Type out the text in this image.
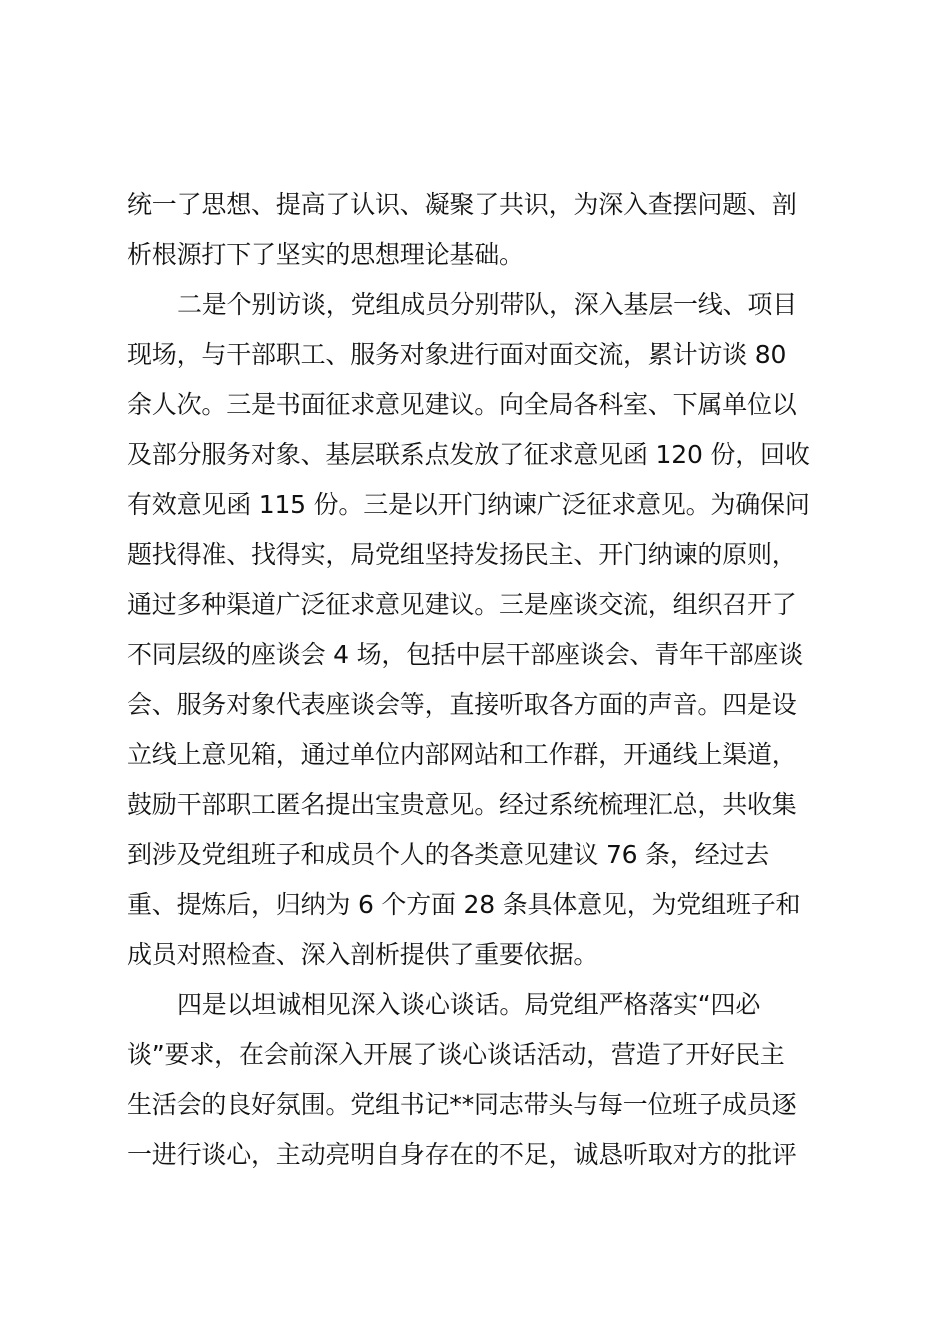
统一了思想、提高了认识、凝聚了共识，为深入查摆问题、剖
析根源打下了坚实的思想理论基础。
二是个别访谈，党组成员分别带队，深入基层一线、项目
现场，与干部职工、服务对象进行面对面交流，累计访谈 80
余人次。三是书面征求意见建议。向全局各科室、下属单位以
及部分服务对象、基层联系点发放了征求意见函 120 份，回收
有效意见函 115 份。三是以开门纳谏广泛征求意见。为确保问
题找得准、找得实，局党组坚持发扬民主、开门纳谏的原则，
通过多种渠道广泛征求意见建议。三是座谈交流，组织召开了
不同层级的座谈会 4 场，包括中层干部座谈会、青年干部座谈
会、服务对象代表座谈会等，直接听取各方面的声音。四是设
立线上意见箱，通过单位内部网站和工作群，开通线上渠道，
鼓励干部职工匿名提出宝贵意见。经过系统梳理汇总，共收集
到涉及党组班子和成员个人的各类意见建议 76 条，经过去
重、提炼后，归纳为 6 个方面 28 条具体意见，为党组班子和
成员对照检查、深入剖析提供了重要依据。
四是以坦诚相见深入谈心谈话。局党组严格落实“四必
谈”要求，在会前深入开展了谈心谈话活动，营造了开好民主
生活会的良好氛围。党组书记**同志带头与每一位班子成员逐
一进行谈心，主动亮明自身存在的不足，诚恳听取对方的批评
